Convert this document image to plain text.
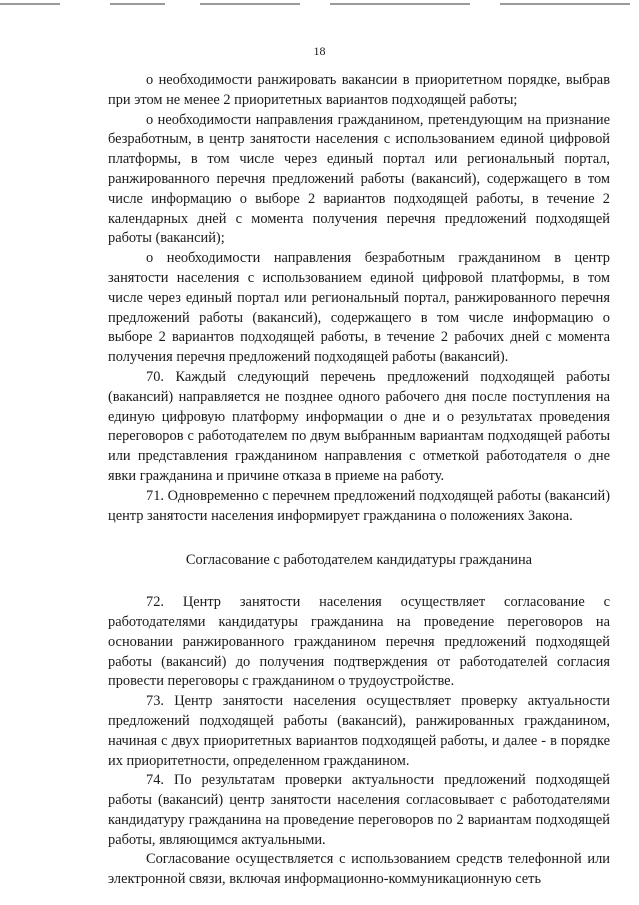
18

о необходимости ранжировать вакансии в приоритетном порядке, выбрав при этом не менее 2 приоритетных вариантов подходящей работы;

о необходимости направления гражданином, претендующим на признание безработным, в центр занятости населения с использованием единой цифровой платформы, в том числе через единый портал или региональный портал, ранжированного перечня предложений работы (вакансий), содержащего в том числе информацию о выборе 2 вариантов подходящей работы, в течение 2 календарных дней с момента получения перечня предложений подходящей работы (вакансий);

о необходимости направления безработным гражданином в центр занятости населения с использованием единой цифровой платформы, в том числе через единый портал или региональный портал, ранжированного перечня предложений работы (вакансий), содержащего в том числе информацию о выборе 2 вариантов подходящей работы, в течение 2 рабочих дней с момента получения перечня предложений подходящей работы (вакансий).

70. Каждый следующий перечень предложений подходящей работы (вакансий) направляется не позднее одного рабочего дня после поступления на единую цифровую платформу информации о дне и о результатах проведения переговоров с работодателем по двум выбранным вариантам подходящей работы или представления гражданином направления с отметкой работодателя о дне явки гражданина и причине отказа в приеме на работу.

71. Одновременно с перечнем предложений подходящей работы (вакансий) центр занятости населения информирует гражданина о положениях Закона.

Согласование с работодателем кандидатуры гражданина

72. Центр занятости населения осуществляет согласование с работодателями кандидатуры гражданина на проведение переговоров на основании ранжированного гражданином перечня предложений подходящей работы (вакансий) до получения подтверждения от работодателей согласия провести переговоры с гражданином о трудоустройстве.

73. Центр занятости населения осуществляет проверку актуальности предложений подходящей работы (вакансий), ранжированных гражданином, начиная с двух приоритетных вариантов подходящей работы, и далее - в порядке их приоритетности, определенном гражданином.

74. По результатам проверки актуальности предложений подходящей работы (вакансий) центр занятости населения согласовывает с работодателями кандидатуру гражданина на проведение переговоров по 2 вариантам подходящей работы, являющимся актуальными.

Согласование осуществляется с использованием средств телефонной или электронной связи, включая информационно-коммуникационную сеть
